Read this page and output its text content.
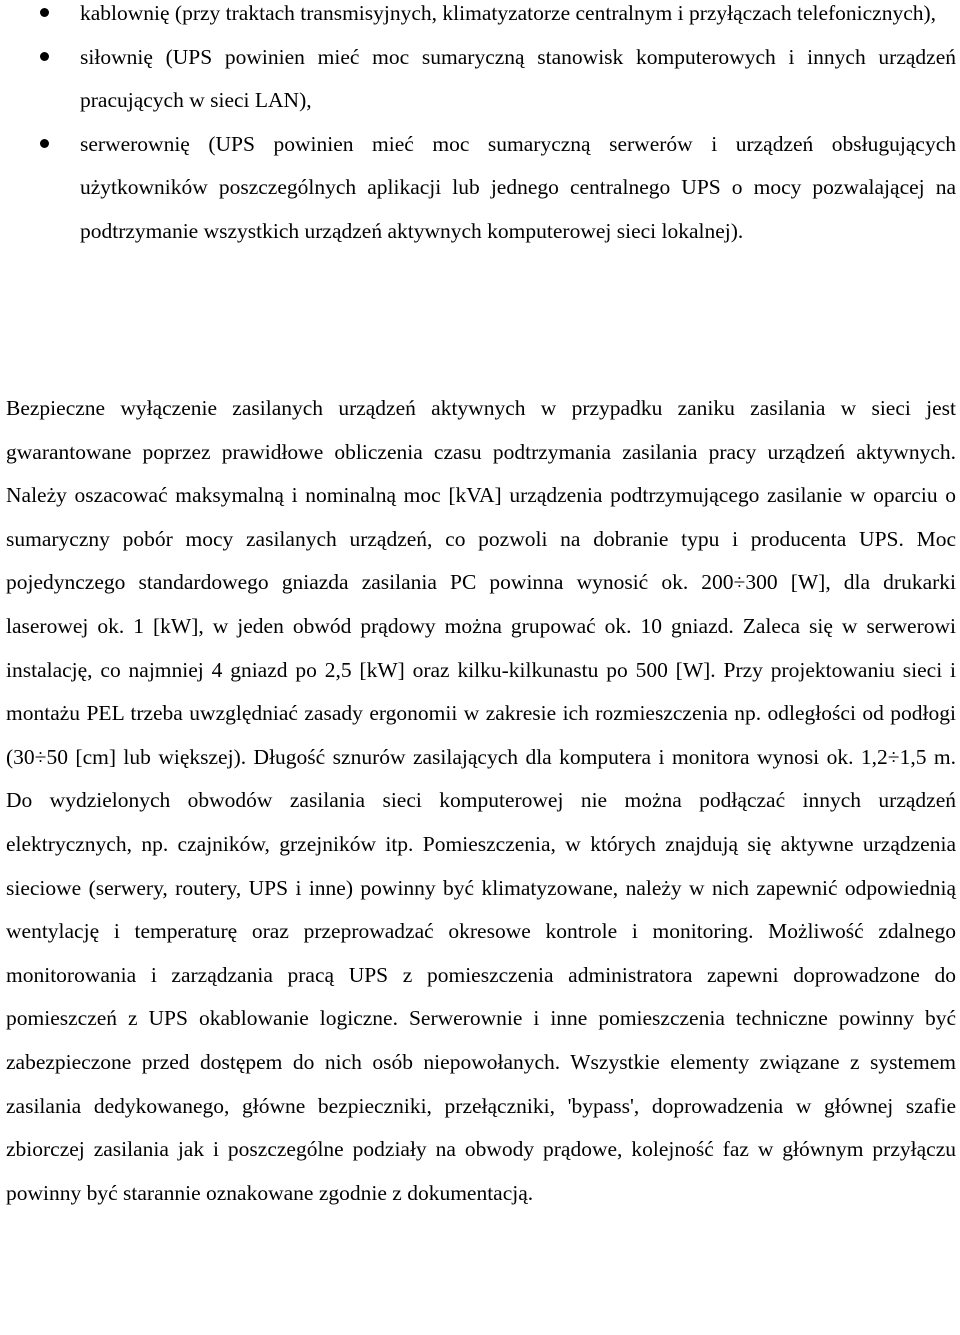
kablownię (przy traktach transmisyjnych, klimatyzatorze centralnym i przyłączach telefonicznych),
siłownię (UPS powinien mieć moc sumaryczną stanowisk komputerowych i innych urządzeń pracujących w sieci LAN),
serwerownię (UPS powinien mieć moc sumaryczną serwerów i urządzeń obsługujących użytkowników poszczególnych aplikacji lub jednego centralnego UPS o mocy pozwalającej na podtrzymanie wszystkich urządzeń aktywnych komputerowej sieci lokalnej).

Bezpieczne wyłączenie zasilanych urządzeń aktywnych w przypadku zaniku zasilania w sieci jest gwarantowane poprzez prawidłowe obliczenia czasu podtrzymania zasilania pracy urządzeń aktywnych. Należy oszacować maksymalną i nominalną moc [kVA] urządzenia podtrzymującego zasilanie w oparciu o sumaryczny pobór mocy zasilanych urządzeń, co pozwoli na dobranie typu i producenta UPS. Moc pojedynczego standardowego gniazda zasilania PC powinna wynosić ok. 200÷300 [W], dla drukarki laserowej ok. 1 [kW], w jeden obwód prądowy można grupować ok. 10 gniazd. Zaleca się w serwerowi instalację, co najmniej 4 gniazd po 2,5 [kW] oraz kilku-kilkunastu po 500 [W]. Przy projektowaniu sieci i montażu PEL trzeba uwzględniać zasady ergonomii w zakresie ich rozmieszczenia np. odległości od podłogi (30÷50 [cm] lub większej). Długość sznurów zasilających dla komputera i monitora wynosi ok. 1,2÷1,5 m. Do wydzielonych obwodów zasilania sieci komputerowej nie można podłączać innych urządzeń elektrycznych, np. czajników, grzejników itp. Pomieszczenia, w których znajdują się aktywne urządzenia sieciowe (serwery, routery, UPS i inne) powinny być klimatyzowane, należy w nich zapewnić odpowiednią wentylację i temperaturę oraz przeprowadzać okresowe kontrole i monitoring. Możliwość zdalnego monitorowania i zarządzania pracą UPS z pomieszczenia administratora zapewni doprowadzone do pomieszczeń z UPS okablowanie logiczne. Serwerownie i inne pomieszczenia techniczne powinny być zabezpieczone przed dostępem do nich osób niepowołanych. Wszystkie elementy związane z systemem zasilania dedykowanego, główne bezpieczniki, przełączniki, 'bypass', doprowadzenia w głównej szafie zbiorczej zasilania jak i poszczególne podziały na obwody prądowe, kolejność faz w głównym przyłączu powinny być starannie oznakowane zgodnie z dokumentacją.
